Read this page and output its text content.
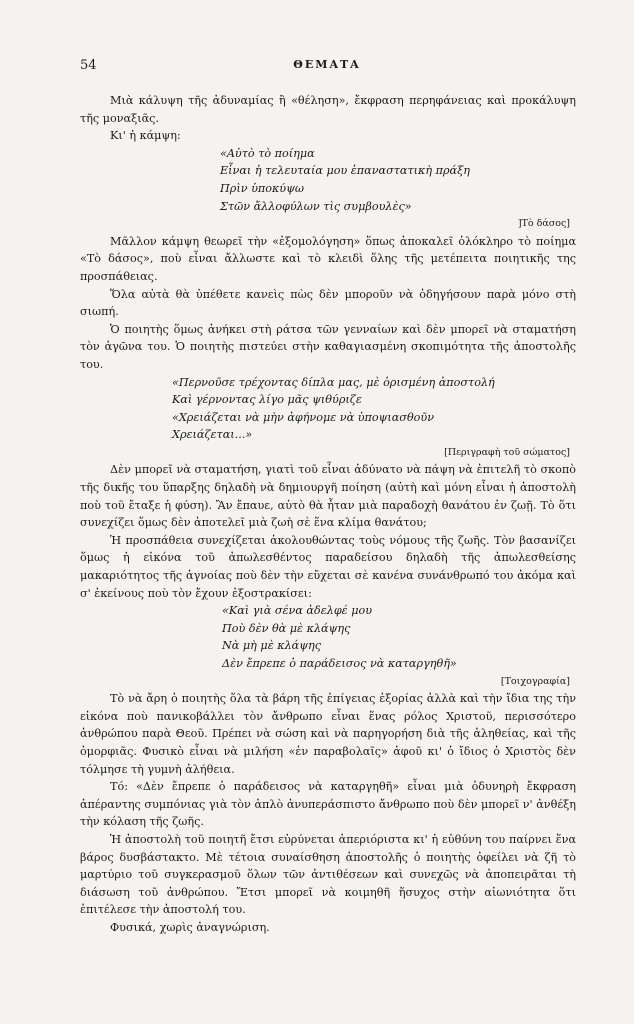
54	ΘΕΜΑΤΑ

Μιὰ κάλυψη τῆς ἀδυναμίας ἢ «θέληση», ἔκφραση περηφάνειας καὶ προκάλυψη τῆς μοναξιᾶς.

Κι' ἡ κάμψη:

«Αὐτὸ τὸ ποίημα
Εἶναι ἡ τελευταία μου ἐπαναστατικὴ πράξη
Πρὶν ὑποκύψω
Στῶν ἄλλοφύλων τὶς συμβουλὲς»

]Τὸ δάσος]

Μᾶλλον κάμψη θεωρεῖ τὴν «ἐξομολόγηση» ὅπως ἀποκαλεῖ ὁλόκληρο τὸ ποίημα «Τὸ δάσος», ποὺ εἶναι ἄλλωστε καὶ τὸ κλειδὶ ὅλης τῆς μετέπειτα ποιητικῆς της προσπάθειας.

Ὅλα αὐτὰ θὰ ὑπέθετε κανεὶς πὼς δὲν μποροῦν νὰ ὁδηγήσουν παρὰ μόνο στὴ σιωπή.

Ὁ ποιητὴς ὅμως ἀνήκει στὴ ράτσα τῶν γενναίων καὶ δὲν μπορεῖ νὰ σταματήση τὸν ἀγῶνα του. Ὁ ποιητὴς πιστεύει στὴν καθαγιασμένη σκοπιμότητα τῆς ἀποστολῆς του.

«Περνοῦσε τρέχοντας δίπλα μας, μὲ ὁρισμένη ἀποστολή
Καὶ γέρνοντας λίγο μᾶς ψιθύριζε
«Χρειάζεται νὰ μὴν ἀφήνομε νὰ ὑποψιασθοῦν
Χρειάζεται...»

[Περιγραφὴ τοῦ σώματος]

Δὲν μπορεῖ νὰ σταματήση, γιατὶ τοῦ εἶναι ἀδύνατο νὰ πάψη νὰ ἐπιτελῆ τὸ σκοπὸ τῆς δικῆς του ὕπαρξης δηλαδὴ νὰ δημιουργῆ ποίηση (αὐτὴ καὶ μόνη εἶναι ἡ ἀποστολὴ ποὺ τοῦ ἔταξε ἡ φύση). Ἂν ἔπαυε, αὐτὸ θὰ ἦταν μιὰ παραδοχὴ θανάτου ἐν ζωῇ. Τὸ ὅτι συνεχίζει ὅμως δὲν ἀποτελεῖ μιὰ ζωὴ σὲ ἕνα κλίμα θανάτου;

Ἡ προσπάθεια συνεχίζεται ἀκολουθώντας τοὺς νόμους τῆς ζωῆς. Τὸν βασανίζει ὅμως ἡ εἰκόνα τοῦ ἀπωλεσθέντος παραδείσου δηλαδὴ τῆς ἀπωλεσθείσης μακαριότητος τῆς ἀγνοίας ποὺ δὲν τὴν εὔχεται σὲ κανένα συνάνθρωπό του ἀκόμα καὶ σ' ἐκείνους ποὺ τὸν ἔχουν ἐξοστρακίσει:

«Καὶ γιὰ σένα ἀδελφέ μου
Ποὺ δὲν θὰ μὲ κλάψης
Νὰ μὴ μὲ κλάψης
Δὲν ἔπρεπε ὁ παράδεισος νὰ καταργηθῆ»

[Τοιχογραφία]

Τὸ νὰ ἄρη ὁ ποιητὴς ὅλα τὰ βάρη τῆς ἐπίγειας ἐξορίας ἀλλὰ καὶ τὴν ἴδια της τὴν εἰκόνα ποὺ πανικοβάλλει τὸν ἄνθρωπο εἶναι ἕνας ρόλος Χριστοῦ, περισσότερο ἀνθρώπου παρὰ Θεοῦ. Πρέπει νὰ σώση καὶ νὰ παρηγορήση διὰ τῆς ἀληθείας, καὶ τῆς ὀμορφιᾶς. Φυσικὸ εἶναι νὰ μιλήση «ἐν παραβολαῖς» ἀφοῦ κι' ὁ ἴδιος ὁ Χριστὸς δὲν τόλμησε τὴ γυμνὴ ἀλήθεια.

Τό: «Δὲν ἔπρεπε ὁ παράδεισος νὰ καταργηθῆ» εἶναι μιὰ ὀδυνηρὴ ἔκφραση ἀπέραντης συμπόνιας γιὰ τὸν ἁπλὸ ἀνυπεράσπιστο ἄνθρωπο ποὺ δὲν μπορεῖ ν' ἀνθέξη τὴν κόλαση τῆς ζωῆς.

Ἡ ἀποστολὴ τοῦ ποιητῆ ἔτσι εὐρύνεται ἀπεριόριστα κι' ἡ εὐθύνη του παίρνει ἕνα βάρος δυσβάστακτο. Μὲ τέτοια συναίσθηση ἀποστολῆς ὁ ποιητὴς ὀφείλει νὰ ζῆ τὸ μαρτύριο τοῦ συγκερασμοῦ ὅλων τῶν ἀντιθέσεων καὶ συνεχῶς νὰ ἀποπειρᾶται τὴ διάσωση τοῦ ἀνθρώπου. Ἔτσι μπορεῖ νὰ κοιμηθῆ ἥσυχος στὴν αἰωνιότητα ὅτι ἐπιτέλεσε τὴν ἀποστολή του.

Φυσικά, χωρὶς ἀναγνώριση.
